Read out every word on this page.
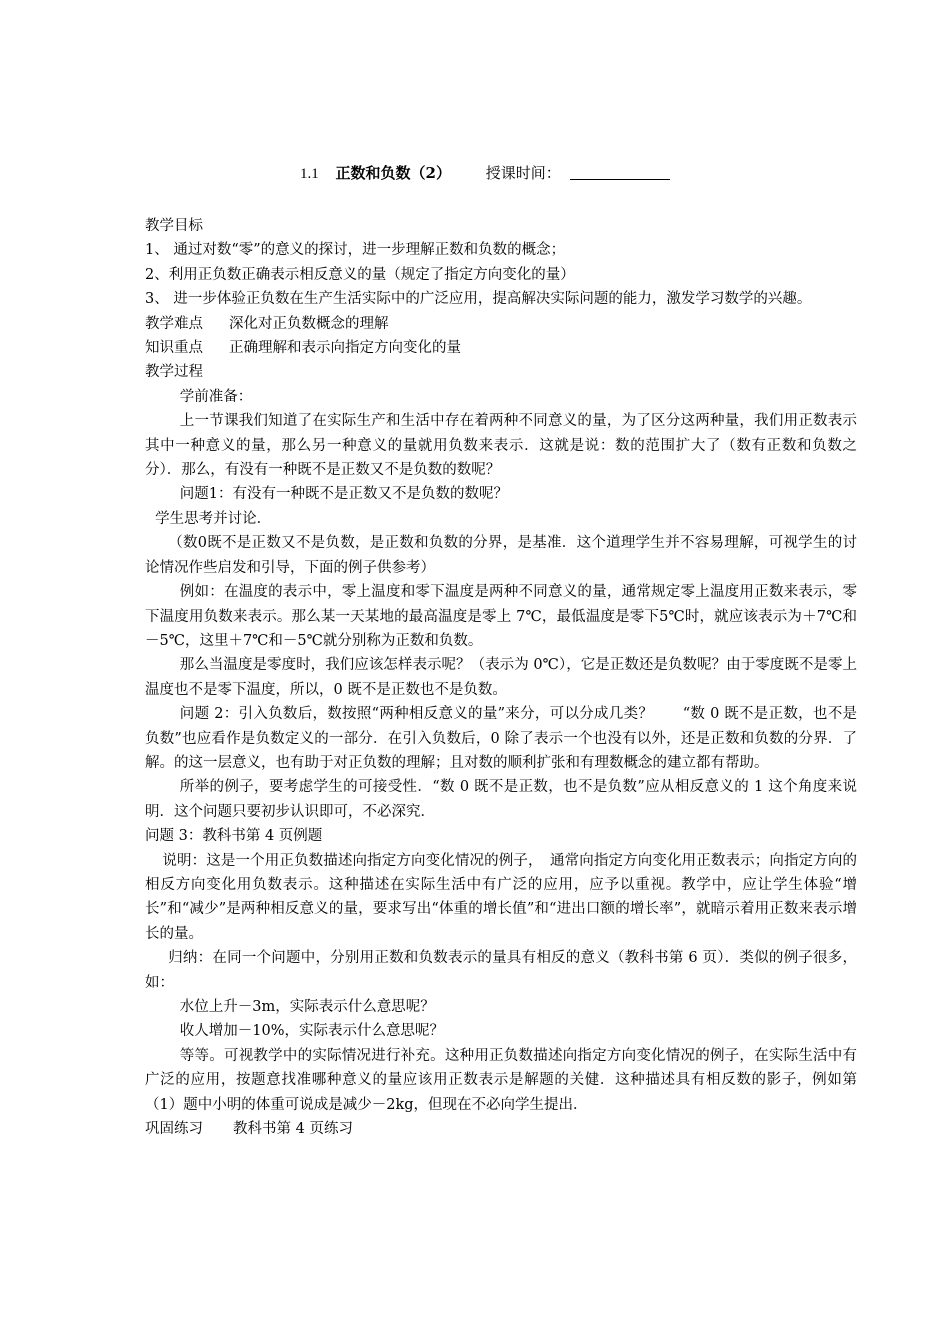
1.1 正数和负数（2） 授课时间：

教学目标

1、 通过对数“零”的意义的探讨，进一步理解正数和负数的概念；

2、利用正负数正确表示相反意义的量（规定了指定方向变化的量）

3、 进一步体验正负数在生产生活实际中的广泛应用，提高解决实际问题的能力，激发学习数学的兴趣。

教学难点 深化对正负数概念的理解

知识重点 正确理解和表示向指定方向变化的量

教学过程

学前准备：

上一节课我们知道了在实际生产和生活中存在着两种不同意义的量，为了区分这两种量，我们用正数表示其中一种意义的量，那么另一种意义的量就用负数来表示．这就是说：数的范围扩大了（数有正数和负数之分）．那么，有没有一种既不是正数又不是负数的数呢？

问题1：有没有一种既不是正数又不是负数的数呢？

学生思考并讨论．

（数0既不是正数又不是负数，是正数和负数的分界，是基准．这个道理学生并不容易理解，可视学生的讨论情况作些启发和引导，下面的例子供参考）

例如：在温度的表示中，零上温度和零下温度是两种不同意义的量，通常规定零上温度用正数来表示，零下温度用负数来表示。那么某一天某地的最高温度是零上 7℃，最低温度是零下5℃时，就应该表示为＋7℃和－5℃，这里＋7℃和－5℃就分别称为正数和负数。

那么当温度是零度时，我们应该怎样表示呢？（表示为 0℃），它是正数还是负数呢？由于零度既不是零上温度也不是零下温度，所以，0 既不是正数也不是负数。

问题 2：引入负数后，数按照“两种相反意义的量”来分，可以分成几类？　　“数 0 既不是正数，也不是负数”也应看作是负数定义的一部分．在引入负数后，0 除了表示一个也没有以外，还是正数和负数的分界．了解。的这一层意义，也有助于对正负数的理解；且对数的顺利扩张和有理数概念的建立都有帮助。

所举的例子，要考虑学生的可接受性．“数 0 既不是正数，也不是负数”应从相反意义的 1 这个角度来说明．这个问题只要初步认识即可，不必深究．

问题 3：教科书第 4 页例题

说明：这是一个用正负数描述向指定方向变化情况的例子，　通常向指定方向变化用正数表示；向指定方向的相反方向变化用负数表示。这种描述在实际生活中有广泛的应用，应予以重视。教学中，应让学生体验“增长”和“减少”是两种相反意义的量，要求写出“体重的增长值”和“进出口额的增长率”，就暗示着用正数来表示增长的量。

归纳：在同一个问题中，分别用正数和负数表示的量具有相反的意义（教科书第 6 页）．类似的例子很多，如：

水位上升－3m，实际表示什么意思呢？

收人增加－10%，实际表示什么意思呢？

等等。可视教学中的实际情况进行补充。这种用正负数描述向指定方向变化情况的例子，在实际生活中有广泛的应用，按题意找准哪种意义的量应该用正数表示是解题的关健．这种描述具有相反数的影子，例如第（1）题中小明的体重可说成是减少－2kg，但现在不必向学生提出．

巩固练习 教科书第 4 页练习
